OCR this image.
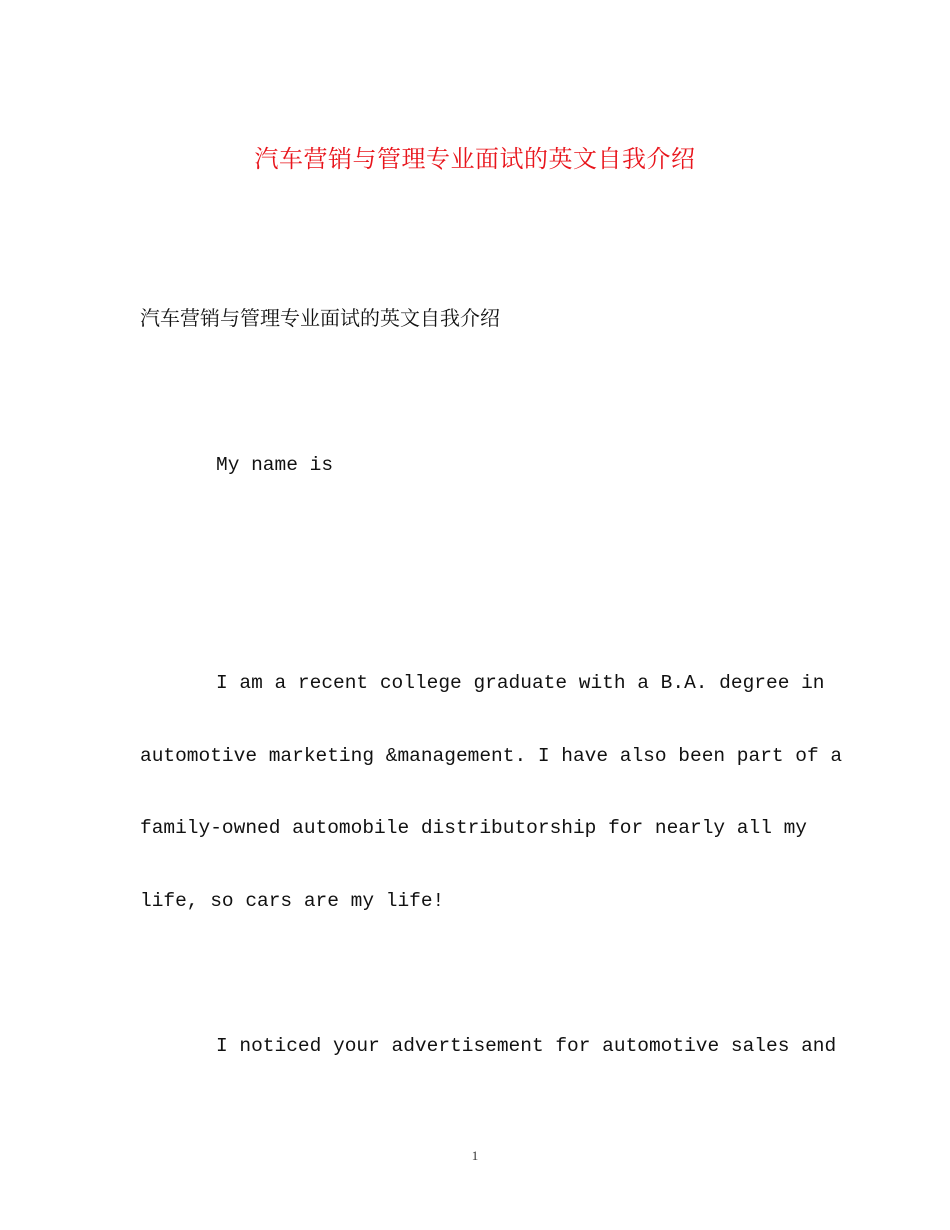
汽车营销与管理专业面试的英文自我介绍
汽车营销与管理专业面试的英文自我介绍
My name is
I am a recent college graduate with a B.A. degree in
automotive marketing &management. I have also been part of a
family-owned automobile distributorship for nearly all my
life, so cars are my life!
I noticed your advertisement for automotive sales and
1
